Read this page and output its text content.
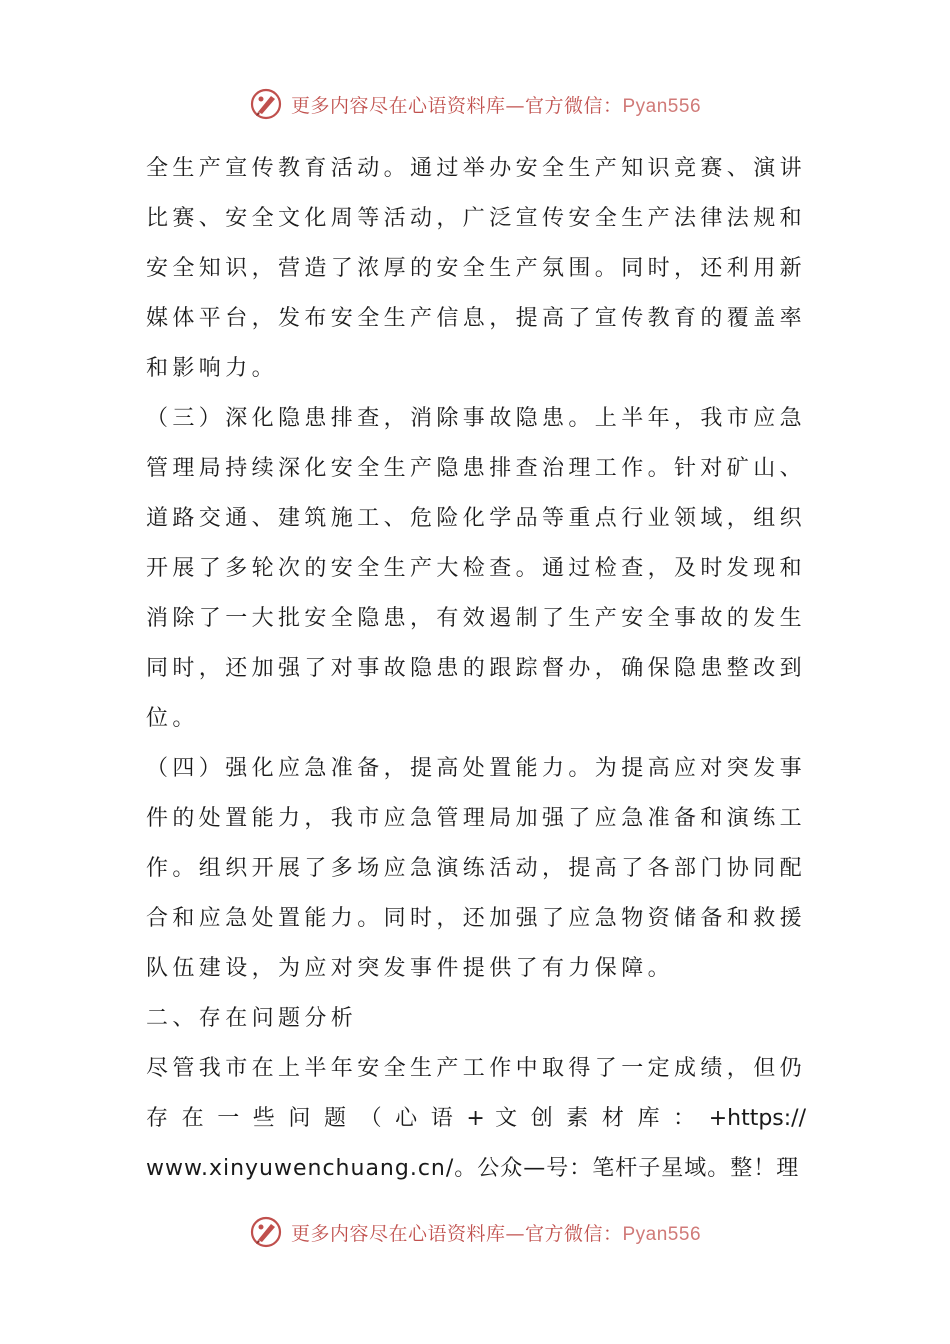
更多内容尽在心语资料库—官方微信：Pyan556
全生产宣传教育活动。通过举办安全生产知识竞赛、演讲
比赛、安全文化周等活动，广泛宣传安全生产法律法规和
安全知识，营造了浓厚的安全生产氛围。同时，还利用新
媒体平台，发布安全生产信息，提高了宣传教育的覆盖率
和影响力。
（三）深化隐患排查，消除事故隐患。上半年，我市应急
管理局持续深化安全生产隐患排查治理工作。针对矿山、
道路交通、建筑施工、危险化学品等重点行业领域，组织
开展了多轮次的安全生产大检查。通过检查，及时发现和
消除了一大批安全隐患，有效遏制了生产安全事故的发生
同时，还加强了对事故隐患的跟踪督办，确保隐患整改到
位。
（四）强化应急准备，提高处置能力。为提高应对突发事
件的处置能力，我市应急管理局加强了应急准备和演练工
作。组织开展了多场应急演练活动，提高了各部门协同配
合和应急处置能力。同时，还加强了应急物资储备和救援
队伍建设，为应对突发事件提供了有力保障。
二、存在问题分析
尽管我市在上半年安全生产工作中取得了一定成绩，但仍
存 在 一 些 问 题 （ 心 语 + 文 创 素 材 库 ： +https://
www.xinyuwenchuang.cn/。公众—号：笔杆子星域。整！理
更多内容尽在心语资料库—官方微信：Pyan556
